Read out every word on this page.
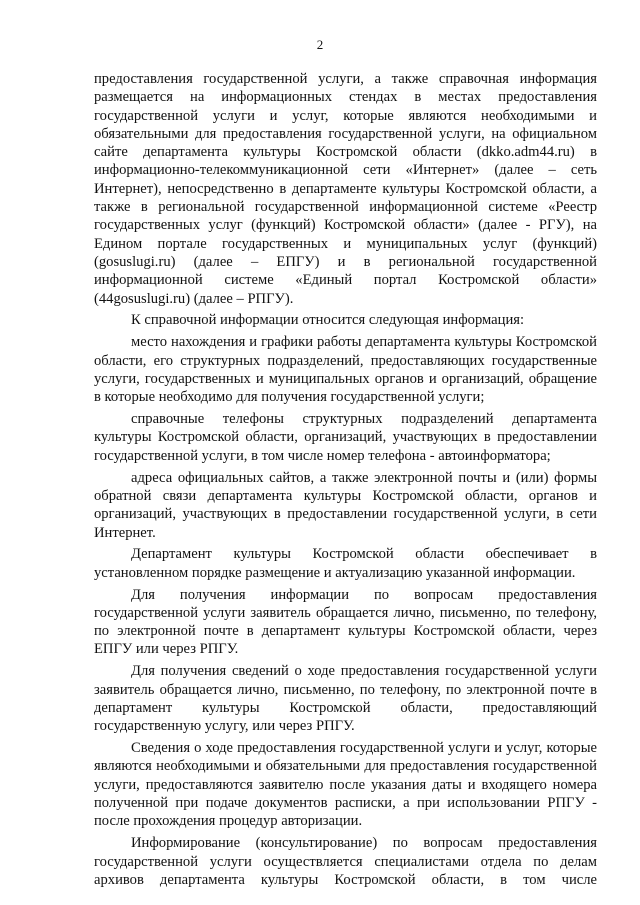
2

предоставления государственной услуги, а также справочная информация размещается на информационных стендах в местах предоставления государственной услуги и услуг, которые являются необходимыми и обязательными для предоставления государственной услуги, на официальном сайте департамента культуры Костромской области (dkko.adm44.ru) в информационно-телекоммуникационной сети «Интернет» (далее – сеть Интернет), непосредственно в департаменте культуры Костромской области, а также в региональной государственной информационной системе «Реестр государственных услуг (функций) Костромской области» (далее - РГУ), на Едином портале государственных и муниципальных услуг (функций) (gosuslugi.ru) (далее – ЕПГУ) и в региональной государственной информационной системе «Единый портал Костромской области» (44gosuslugi.ru) (далее – РПГУ).

К справочной информации относится следующая информация:

место нахождения и графики работы департамента культуры Костромской области, его структурных подразделений, предоставляющих государственные услуги, государственных и муниципальных органов и организаций, обращение в которые необходимо для получения государственной услуги;

справочные телефоны структурных подразделений департамента культуры Костромской области, организаций, участвующих в предоставлении государственной услуги, в том числе номер телефона - автоинформатора;

адреса официальных сайтов, а также электронной почты и (или) формы обратной связи департамента культуры Костромской области, органов и организаций, участвующих в предоставлении государственной услуги, в сети Интернет.

Департамент культуры Костромской области обеспечивает в установленном порядке размещение и актуализацию указанной информации.

Для получения информации по вопросам предоставления государственной услуги заявитель обращается лично, письменно, по телефону, по электронной почте в департамент культуры Костромской области, через ЕПГУ или через РПГУ.

Для получения сведений о ходе предоставления государственной услуги заявитель обращается лично, письменно, по телефону, по электронной почте в департамент культуры Костромской области, предоставляющий государственную услугу, или через РПГУ.

Сведения о ходе предоставления государственной услуги и услуг, которые являются необходимыми и обязательными для предоставления государственной услуги, предоставляются заявителю после указания даты и входящего номера полученной при подаче документов расписки, а при использовании РПГУ - после прохождения процедур авторизации.

Информирование (консультирование) по вопросам предоставления государственной услуги осуществляется специалистами отдела по делам архивов департамента культуры Костромской области, в том числе
